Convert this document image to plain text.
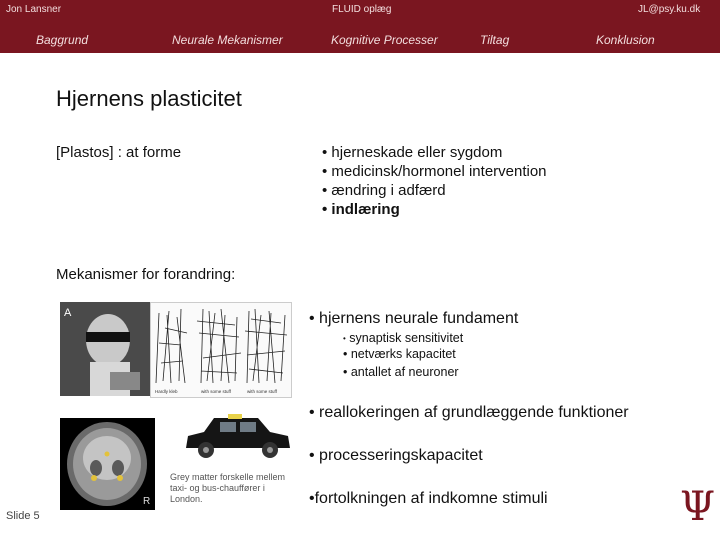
Jon Lansner	FLUID oplæg	JL@psy.ku.dk
Baggrund	Neurale Mekanismer	Kognitive Processer	Tiltag	Konklusion
Hjernens plasticitet
[Plastos] : at forme	• hjerneskade eller sygdom
• medicinsk/hormonel intervention
• ændring i adfærd
• indlæring
Mekanismer for forandring:
• hjernens neurale fundament
• synaptisk sensitivitet
• netværks kapacitet
• antallet af neuroner
• reallokeringen af grundlæggende funktioner
• processeringskapacitet
•fortolkningen af indkomne stimuli
A
Hardly kleb	with some stuff	with some stuff
R
Grey matter forskelle mellem taxi- og bus-chauffører i London.
Slide 5	Ψ
